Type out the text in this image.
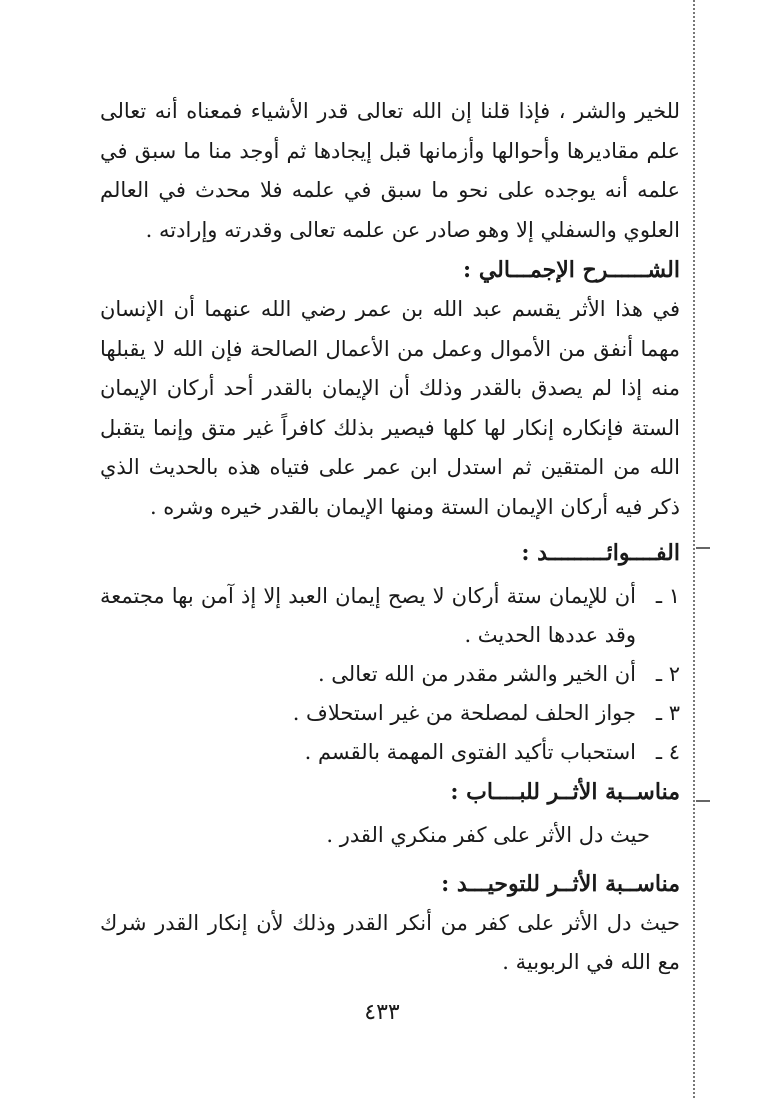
للخير والشر ، فإذا قلنا إن الله تعالى قدر الأشياء فمعناه أنه تعالى علم مقاديرها وأحوالها وأزمانها قبل إيجادها ثم أوجد منا ما سبق في علمه أنه يوجده على نحو ما سبق في علمه فلا محدث في العالم العلوي والسفلي إلا وهو صادر عن علمه تعالى وقدرته وإرادته .

الشــــــرح الإجمـــالي :

في هذا الأثر يقسم عبد الله بن عمر رضي الله عنهما أن الإنسان مهما أنفق من الأموال وعمل من الأعمال الصالحة فإن الله لا يقبلها منه إذا لم يصدق بالقدر وذلك أن الإيمان بالقدر أحد أركان الإيمان الستة فإنكاره إنكار لها كلها فيصير بذلك كافراً غير متق وإنما يتقبل الله من المتقين ثم استدل ابن عمر على فتياه هذه بالحديث الذي ذكر فيه أركان الإيمان الستة ومنها الإيمان بالقدر خيره وشره .

الفــــوائـــــــــد :
١ ـ
أن للإيمان ستة أركان لا يصح إيمان العبد إلا إذ آمن بها مجتمعة وقد عددها الحديث .
٢ ـ
أن الخير والشر مقدر من الله تعالى .
٣ ـ
جواز الحلف لمصلحة من غير استحلاف .
٤ ـ
استحباب تأكيد الفتوى المهمة بالقسم .
مناســبة الأثــر للبــــاب :

حيث دل الأثر على كفر منكري القدر .

مناســبة الأثــر للتوحيـــد :

حيث دل الأثر على كفر من أنكر القدر وذلك لأن إنكار القدر شرك مع الله في الربوبية .

٤٣٣
